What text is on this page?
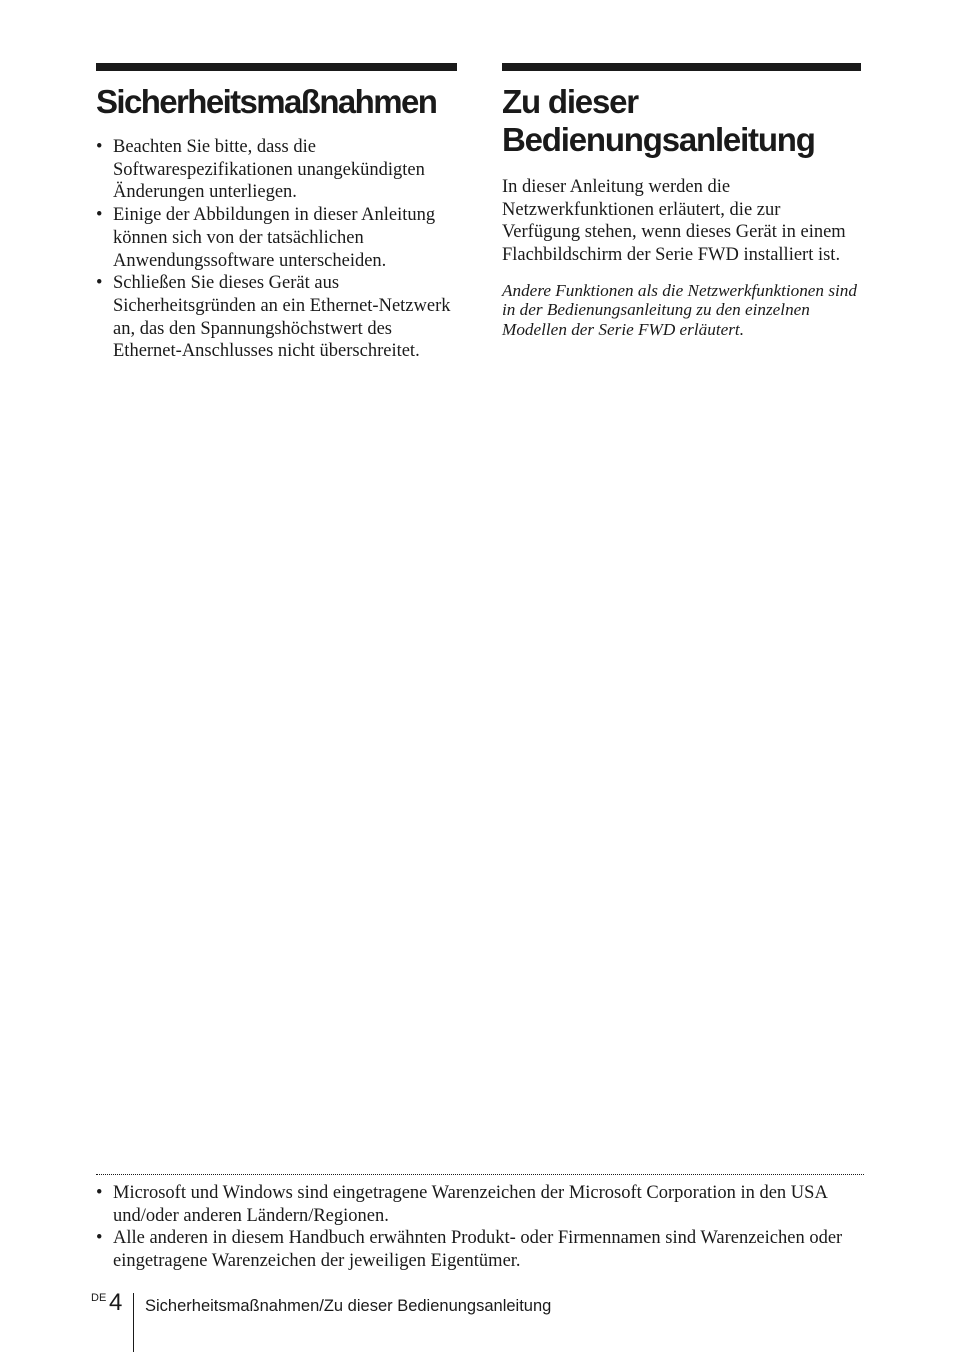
Sicherheitsmaßnahmen
• Beachten Sie bitte, dass die Softwarespezifikationen unangekündigten Änderungen unterliegen.
• Einige der Abbildungen in dieser Anleitung können sich von der tatsächlichen Anwendungssoftware unterscheiden.
• Schließen Sie dieses Gerät aus Sicherheitsgründen an ein Ethernet-Netzwerk an, das den Spannungshöchstwert des Ethernet-Anschlusses nicht überschreitet.
Zu dieser Bedienungsanleitung

In dieser Anleitung werden die Netzwerkfunktionen erläutert, die zur Verfügung stehen, wenn dieses Gerät in einem Flachbildschirm der Serie FWD installiert ist.

Andere Funktionen als die Netzwerkfunktionen sind in der Bedienungsanleitung zu den einzelnen Modellen der Serie FWD erläutert.

• Microsoft und Windows sind eingetragene Warenzeichen der Microsoft Corporation in den USA und/oder anderen Ländern/Regionen.
• Alle anderen in diesem Handbuch erwähnten Produkt- oder Firmennamen sind Warenzeichen oder eingetragene Warenzeichen der jeweiligen Eigentümer.
DE 4 Sicherheitsmaßnahmen/Zu dieser Bedienungsanleitung
